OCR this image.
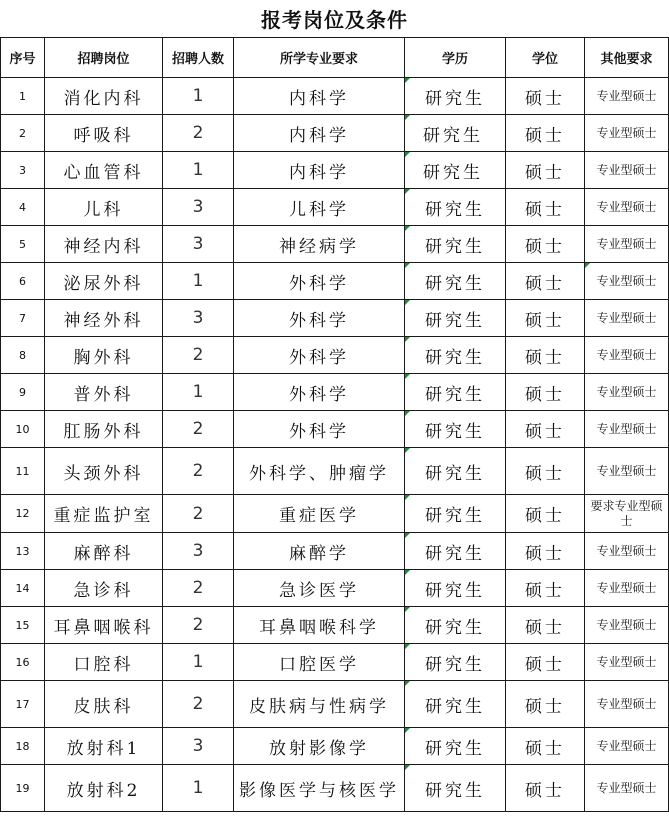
报考岗位及条件
序号	招聘岗位	招聘人数	所学专业要求	学历	学位	其他要求
1	消化内科	1	内科学	研究生	硕士	专业型硕士
2	呼吸科	2	内科学	研究生	硕士	专业型硕士
3	心血管科	1	内科学	研究生	硕士	专业型硕士
4	儿科	3	儿科学	研究生	硕士	专业型硕士
5	神经内科	3	神经病学	研究生	硕士	专业型硕士
6	泌尿外科	1	外科学	研究生	硕士	专业型硕士
7	神经外科	3	外科学	研究生	硕士	专业型硕士
8	胸外科	2	外科学	研究生	硕士	专业型硕士
9	普外科	1	外科学	研究生	硕士	专业型硕士
10	肛肠外科	2	外科学	研究生	硕士	专业型硕士
11	头颈外科	2	外科学、肿瘤学	研究生	硕士	专业型硕士
12	重症监护室	2	重症医学	研究生	硕士	要求专业型硕士
13	麻醉科	3	麻醉学	研究生	硕士	专业型硕士
14	急诊科	2	急诊医学	研究生	硕士	专业型硕士
15	耳鼻咽喉科	2	耳鼻咽喉科学	研究生	硕士	专业型硕士
16	口腔科	1	口腔医学	研究生	硕士	专业型硕士
17	皮肤科	2	皮肤病与性病学	研究生	硕士	专业型硕士
18	放射科1	3	放射影像学	研究生	硕士	专业型硕士
19	放射科2	1	影像医学与核医学	研究生	硕士	专业型硕士
